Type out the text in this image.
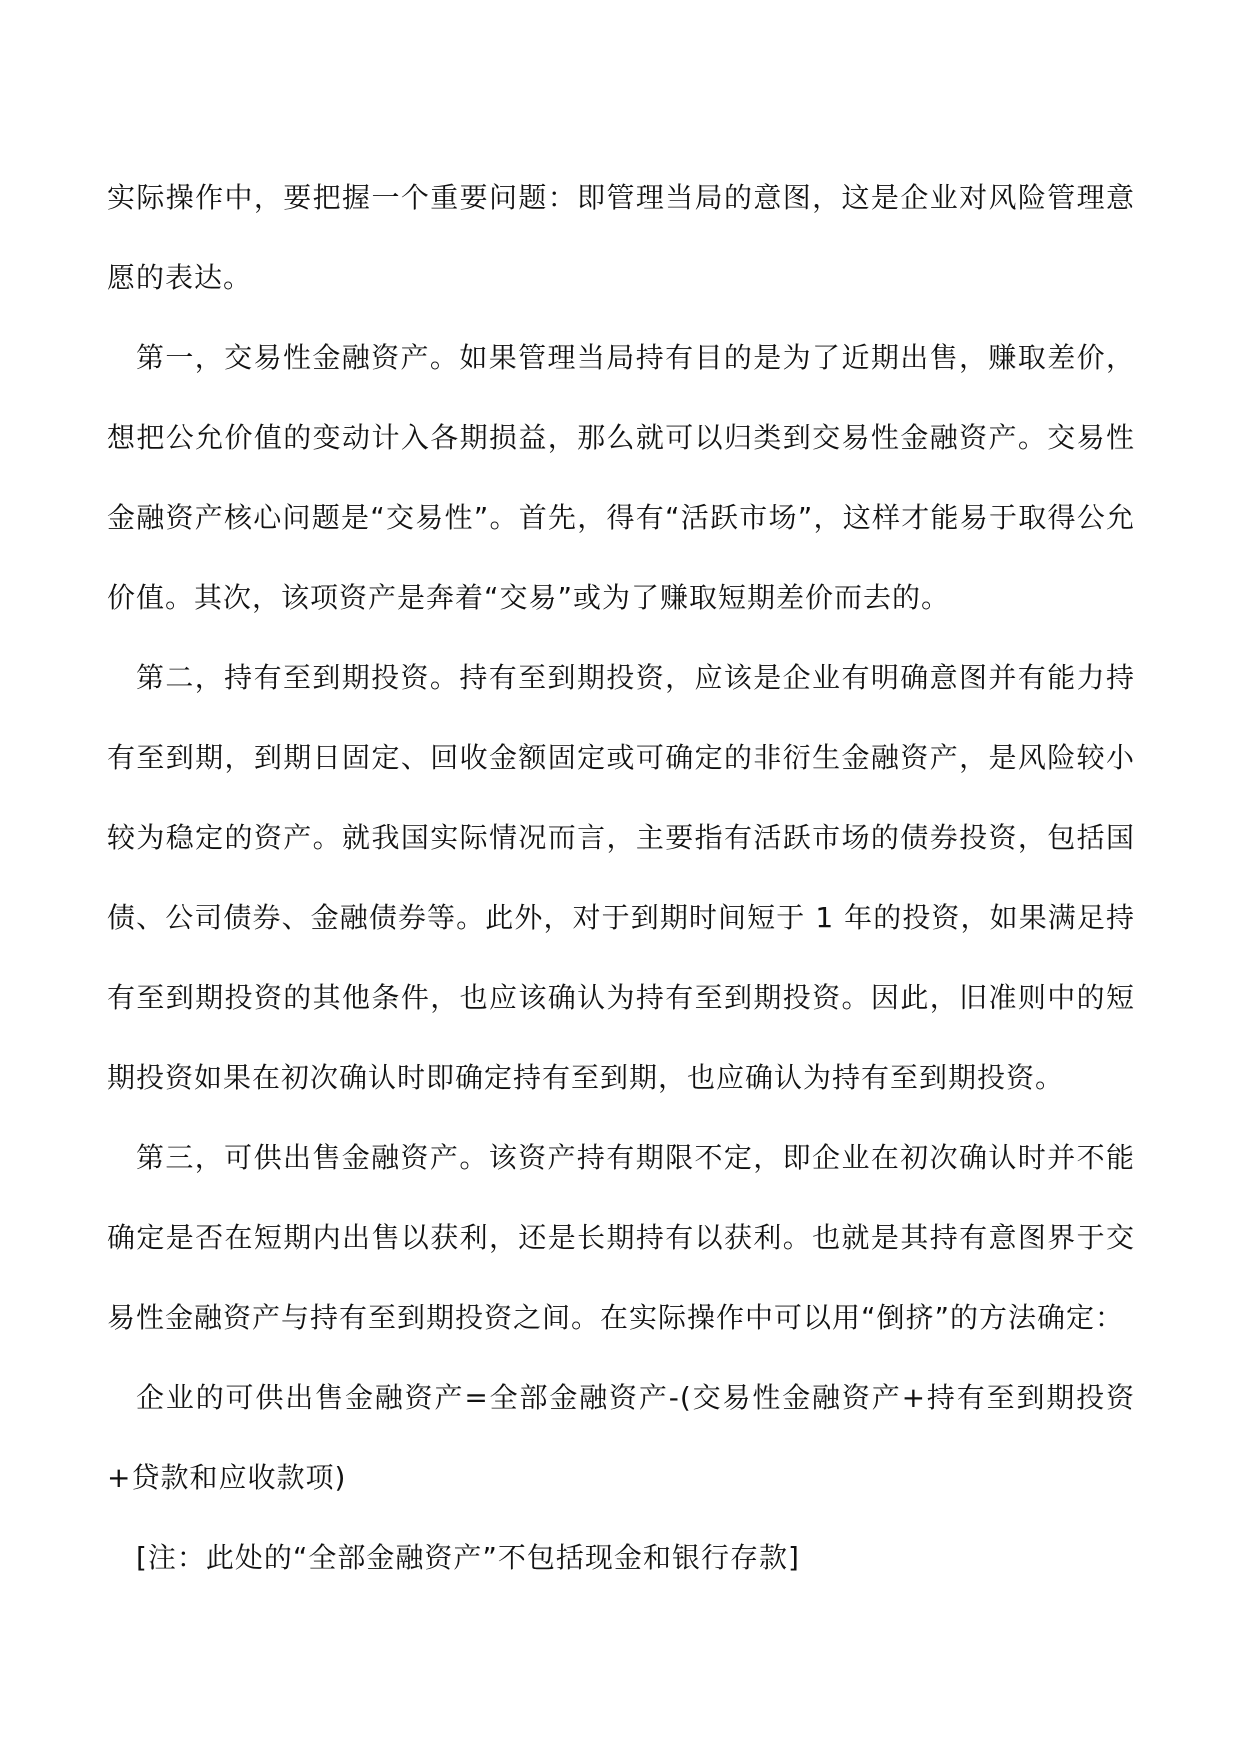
实际操作中，要把握一个重要问题：即管理当局的意图，这是企业对风险管理意愿的表达。

第一，交易性金融资产。如果管理当局持有目的是为了近期出售，赚取差价，想把公允价值的变动计入各期损益，那么就可以归类到交易性金融资产。交易性金融资产核心问题是“交易性”。首先，得有“活跃市场”，这样才能易于取得公允价值。其次，该项资产是奔着“交易”或为了赚取短期差价而去的。

第二，持有至到期投资。持有至到期投资，应该是企业有明确意图并有能力持有至到期，到期日固定、回收金额固定或可确定的非衍生金融资产，是风险较小较为稳定的资产。就我国实际情况而言，主要指有活跃市场的债券投资，包括国债、公司债券、金融债券等。此外，对于到期时间短于 1 年的投资，如果满足持有至到期投资的其他条件，也应该确认为持有至到期投资。因此，旧准则中的短期投资如果在初次确认时即确定持有至到期，也应确认为持有至到期投资。

第三，可供出售金融资产。该资产持有期限不定，即企业在初次确认时并不能确定是否在短期内出售以获利，还是长期持有以获利。也就是其持有意图界于交易性金融资产与持有至到期投资之间。在实际操作中可以用“倒挤”的方法确定：

企业的可供出售金融资产=全部金融资产-(交易性金融资产+持有至到期投资+贷款和应收款项)

[注：此处的“全部金融资产”不包括现金和银行存款]
